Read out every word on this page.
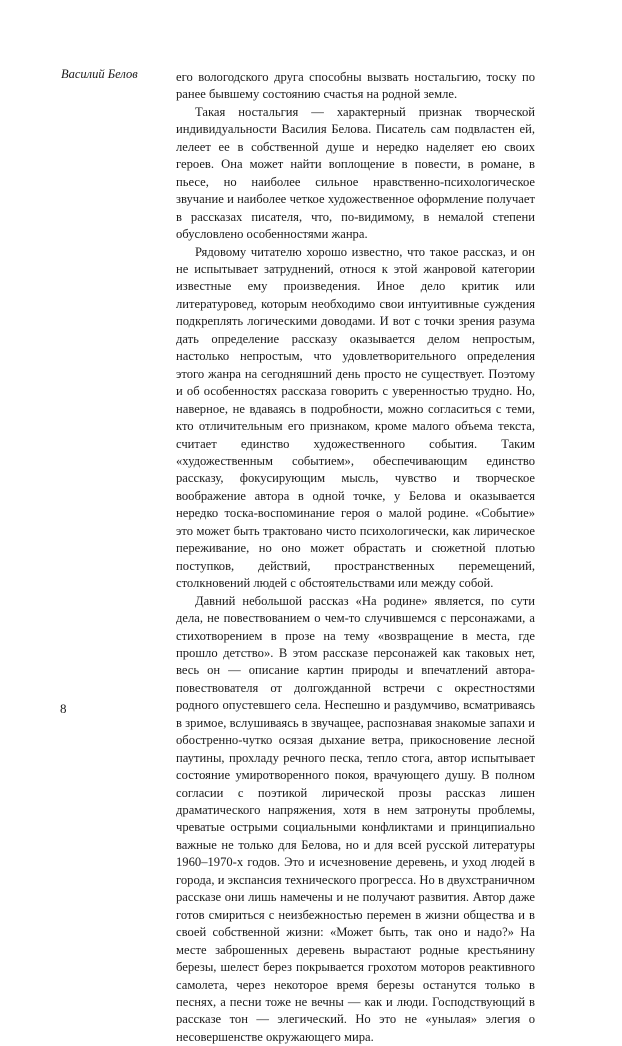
Василий Белов	его вологодского друга способны вызвать ностальгию, тоску по ранее бывшему состоянию счастья на родной земле.

Такая ностальгия — характерный признак творческой индивидуальности Василия Белова. Писатель сам подвластен ей, лелеет ее в собственной душе и нередко наделяет ею своих героев. Она может найти воплощение в повести, в романе, в пьесе, но наиболее сильное нравственно-психологическое звучание и наиболее четкое художественное оформление получает в рассказах писателя, что, по-видимому, в немалой степени обусловлено особенностями жанра.

Рядовому читателю хорошо известно, что такое рассказ, и он не испытывает затруднений, относя к этой жанровой категории известные ему произведения. Иное дело критик или литературовед, которым необходимо свои интуитивные суждения подкреплять логическими доводами. И вот с точки зрения разума дать определение рассказу оказывается делом непростым, настолько непростым, что удовлетворительного определения этого жанра на сегодняшний день просто не существует. Поэтому и об особенностях рассказа говорить с уверенностью трудно. Но, наверное, не вдаваясь в подробности, можно согласиться с теми, кто отличительным его признаком, кроме малого объема текста, считает единство художественного события. Таким «художественным событием», обеспечивающим единство рассказу, фокусирующим мысль, чувство и творческое воображение автора в одной точке, у Белова и оказывается нередко тоска-воспоминание героя о малой родине. «Событие» это может быть трактовано чисто психологически, как лирическое переживание, но оно может обрастать и сюжетной плотью поступков, действий, пространственных перемещений, столкновений людей с обстоятельствами или между собой.

Давний небольшой рассказ «На родине» является, по сути дела, не повествованием о чем-то случившемся с персонажами, а стихотворением в прозе на тему «возвращение в места, где прошло детство». В этом рассказе персонажей как таковых нет, весь он — описание картин природы и впечатлений автора-повествователя от долгожданной встречи с окрестностями родного опустевшего села. Неспешно и раздумчиво, всматриваясь в зримое, вслушиваясь в звучащее, распознавая знакомые запахи и обостренно-чутко осязая дыхание ветра, прикосновение лесной паутины, прохладу речного песка, тепло стога, автор испытывает состояние умиротворенного покоя, врачующего душу. В полном согласии с поэтикой лирической прозы рассказ лишен драматического напряжения, хотя в нем затронуты проблемы, чреватые острыми социальными конфликтами и принципиально важные не только для Белова, но и для всей русской литературы 1960–1970-х годов. Это и исчезновение деревень, и уход людей в города, и экспансия технического прогресса. Но в двухстраничном рассказе они лишь намечены и не получают развития. Автор даже готов смириться с неизбежностью перемен в жизни общества и в своей собственной жизни: «Может быть, так оно и надо?» На месте заброшенных деревень вырастают родные крестьянину березы, шелест берез покрывается грохотом моторов реактивного самолета, через некоторое время березы останутся только в песнях, а песни тоже не вечны — как и люди. Господствующий в рассказе тон — элегический. Но это не «унылая» элегия о несовершенстве окружающего мира.

8
